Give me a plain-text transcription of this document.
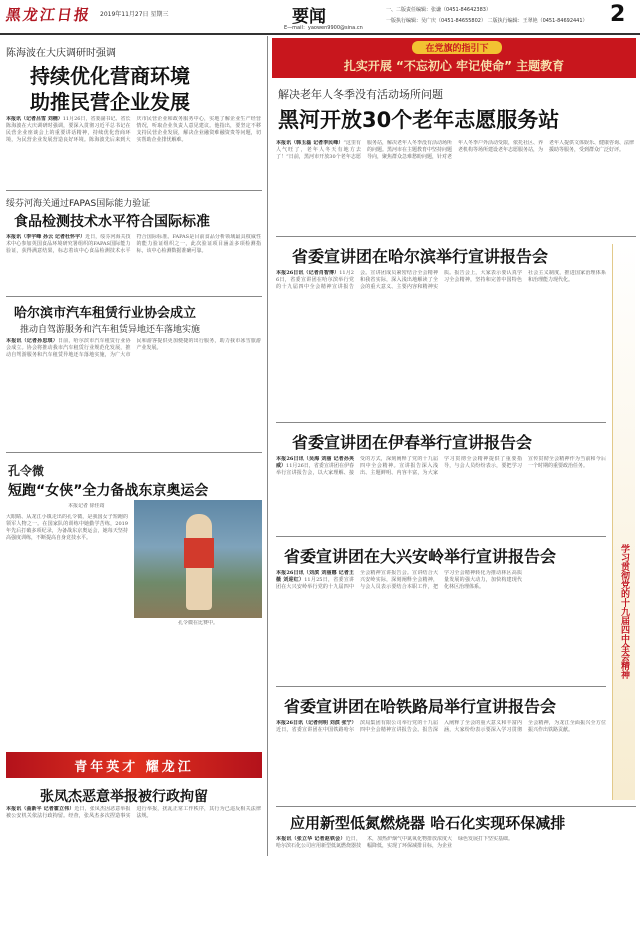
黑龙江日报 2019年11月27日 星期三	要闻
E—mail：yaowen9900@sina.cn
一、二版责任编辑：张谦（0451-84642383）
一版执行编辑：吴广庆（0451-84655802） 二版执行编辑：王翠艳（0451-84692441） 2
陈海波在大庆调研时强调
持续优化营商环境
助推民营企业发展
本报讯（记者吕雪 刘楠）11月26日，省委副书记、省长陈海波在大庆调研时强调，要深入贯彻习近平总书记在民营企业座谈会上的重要讲话精神，持续优化营商环境，为民营企业发展营造良好环境。陈海波先后来到大庆市民营企业和政务服务中心，实地了解企业生产经营情况，听取企业负责人意见建议。他指出，要坚定不移支持民营企业发展，解决企业融资难融资贵等问题，切实帮助企业排忧解难。
绥芬河海关通过FAPAS国际能力验证
食品检测技术水平符合国际标准
本报讯（李宇峰 孙云 记者杜怀宇）近日，绥芬河海关技术中心参加英国食品环境研究署组织的FAPAS国际能力验证，获得满意结果，标志着该中心食品检测技术水平符合国际标准。FAPAS是目前食品分析领域最具权威性的能力验证组织之一，此次验证项目涵盖多项检测指标，该中心检测数据准确可靠。
哈尔滨市汽车租赁行业协会成立
推动自驾游服务和汽车租赁异地还车落地实施
本报讯（记者孙思琪）日前，哈尔滨市汽车租赁行业协会成立。协会将推动我市汽车租赁行业规范化发展，推动自驾游服务和汽车租赁异地还车落地实施，为广大市民和游客提供更加便捷的出行服务，助力我市冰雪旅游产业发展。
孔令微
短跑“女侠”全力备战东京奥运会
本报记者 徐佳筠
大眼睛、从龙江小镇走出的孔令微，是我国女子短跑的领军人物之一。在国家队的训练中她勤学苦练，2019年先后打破多项纪录，为备战东京奥运会，她每天坚持高强度训练，不断提高自身竞技水平。
孔令微在比赛中。
青年英才 耀龙江
张凤杰恶意举报被行政拘留
本报讯（曲新平 记者霍立伟）近日，张凤杰因恶意举报被公安机关依法行政拘留。经查，张凤杰多次捏造事实进行举报，扰乱正常工作秩序，其行为已违反相关法律法规。
在党旗的指引下
扎实开展 “不忘初心 牢记使命” 主题教育
解决老年人冬季没有活动场所问题
黑河开放30个老年志愿服务站
本报讯（韩玉磊 记者李民峰）“这里有人气旺了，老年人冬天有地方去了！”日前，黑河市开放30个老年志愿服务站，解决老年人冬季没有活动场所的问题。黑河市在主题教育中坚持问题导向，聚焦群众急难愁盼问题，针对老年人冬季户外活动受限，依托社区、养老机构等场所建设老年志愿服务站，为老年人提供文体娱乐、健康咨询、法律援助等服务，受到群众广泛好评。
省委宣讲团在哈尔滨举行宣讲报告会
本报26日讯（记者肖智博）11月26日，省委宣讲团在哈尔滨举行党的十九届四中全会精神宣讲报告会。宣讲团成员紧密结合全会精神和我省实际，深入浅出地解读了全会的重大意义、主要内容和精神实质。报告会上，大家表示要认真学习全会精神，坚持和完善中国特色社会主义制度，推进国家治理体系和治理能力现代化。
省委宣讲团在伊春举行宣讲报告会
本报26日讯（吴海 刘丽 记者孙英威）11月26日，省委宣讲团在伊春举行宣讲报告会，以大家理解、接受的方式，深刻阐释了党的十九届四中全会精神。宣讲报告深入浅出、主题鲜明、内容丰富，为大家学习贯彻全会精神提供了重要指导，与会人员纷纷表示，要把学习宣传贯彻全会精神作为当前和今后一个时期的重要政治任务。
省委宣讲团在大兴安岭举行宣讲报告会
本报26日讯（刘滨 刘丽娜 记者王薇 刘迎红）11月25日，省委宣讲团在大兴安岭举行党的十九届四中全会精神宣讲报告会。宣讲结合大兴安岭实际，深刻阐释全会精神，与会人员表示要结合本职工作，把学习全会精神转化为推动林区高质量发展的强大动力，加快构建现代化林区治理体系。
省委宣讲团在哈铁路局举行宣讲报告会
本报26日讯（记者何明 刘滨 张宁）近日，省委宣讲团在中国铁路哈尔滨局集团有限公司举行党的十九届四中全会精神宣讲报告会。报告深入阐释了全会的重大意义和丰富内涵，大家纷纷表示要深入学习贯彻全会精神，为龙江全面振兴全方位振兴作出铁路贡献。
学习贯彻党的十九届四中全会精神
应用新型低氮燃烧器 哈石化实现环保减排
本报讯（张立华 记者赵铁会）近日，哈尔滨石化公司应用新型低氮燃烧器技术，加热炉烟气中氮氧化物排放浓度大幅降低，实现了环保减排目标，为企业绿色发展打下坚实基础。
